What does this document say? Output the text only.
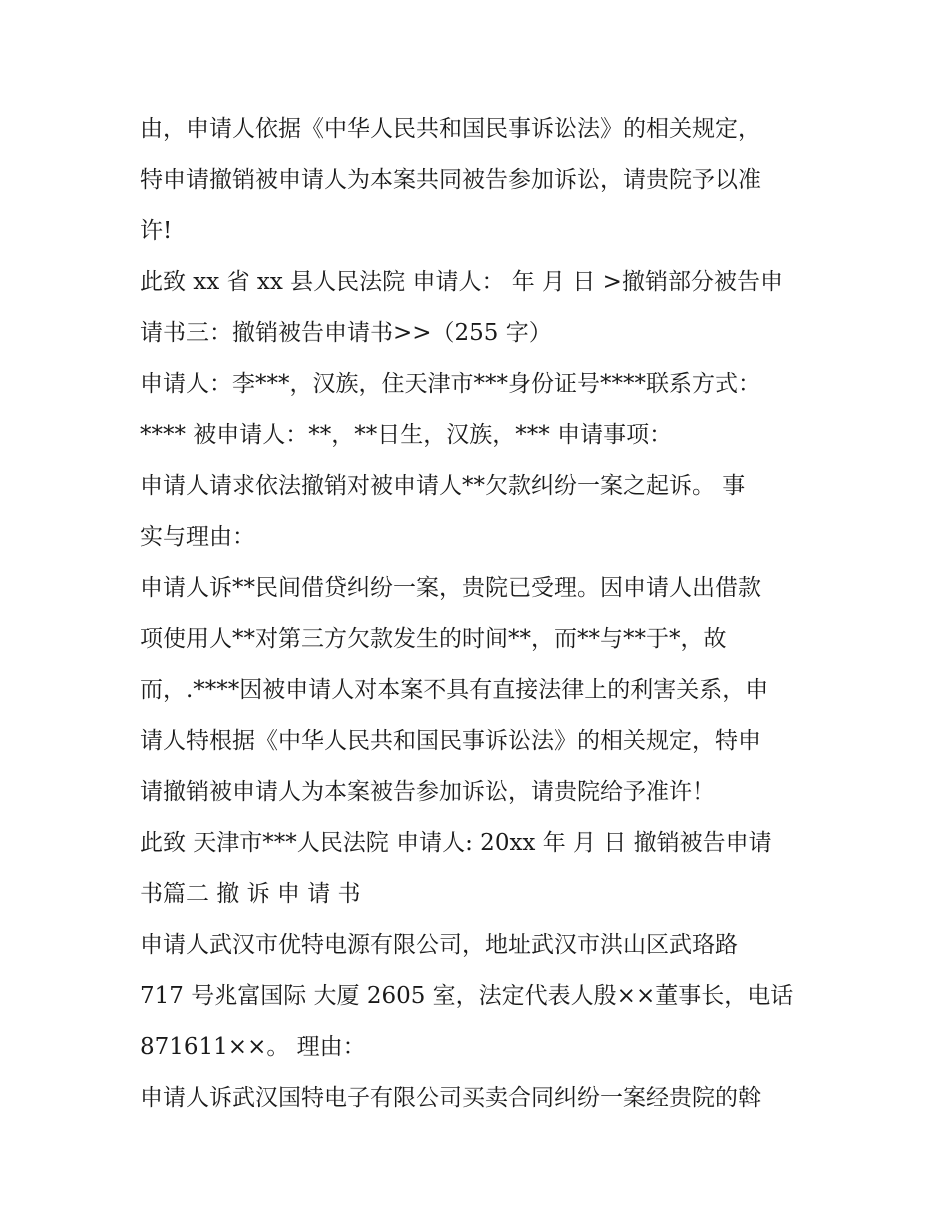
由，申请人依据《中华人民共和国民事诉讼法》的相关规定，
特申请撤销被申请人为本案共同被告参加诉讼，请贵院予以准
许!
此致 xx 省 xx 县人民法院 申请人： 年 月 日 >撤销部分被告申
请书三：撤销被告申请书>>（255 字）
申请人：李***，汉族，住天津市***身份证号****联系方式：
**** 被申请人：**，**日生，汉族，*** 申请事项：
申请人请求依法撤销对被申请人**欠款纠纷一案之起诉。 事
实与理由：
申请人诉**民间借贷纠纷一案，贵院已受理。因申请人出借款
项使用人**对第三方欠款发生的时间**，而**与**于*，故
而，.****因被申请人对本案不具有直接法律上的利害关系，申
请人特根据《中华人民共和国民事诉讼法》的相关规定，特申
请撤销被申请人为本案被告参加诉讼，请贵院给予准许！
此致 天津市***人民法院 申请人: 20xx 年 月 日 撤销被告申请
书篇二 撤 诉 申 请 书
申请人武汉市优特电源有限公司，地址武汉市洪山区武珞路
717 号兆富国际 大厦 2605 室，法定代表人殷××董事长，电话
871611××。 理由：
申请人诉武汉国特电子有限公司买卖合同纠纷一案经贵院的斡
